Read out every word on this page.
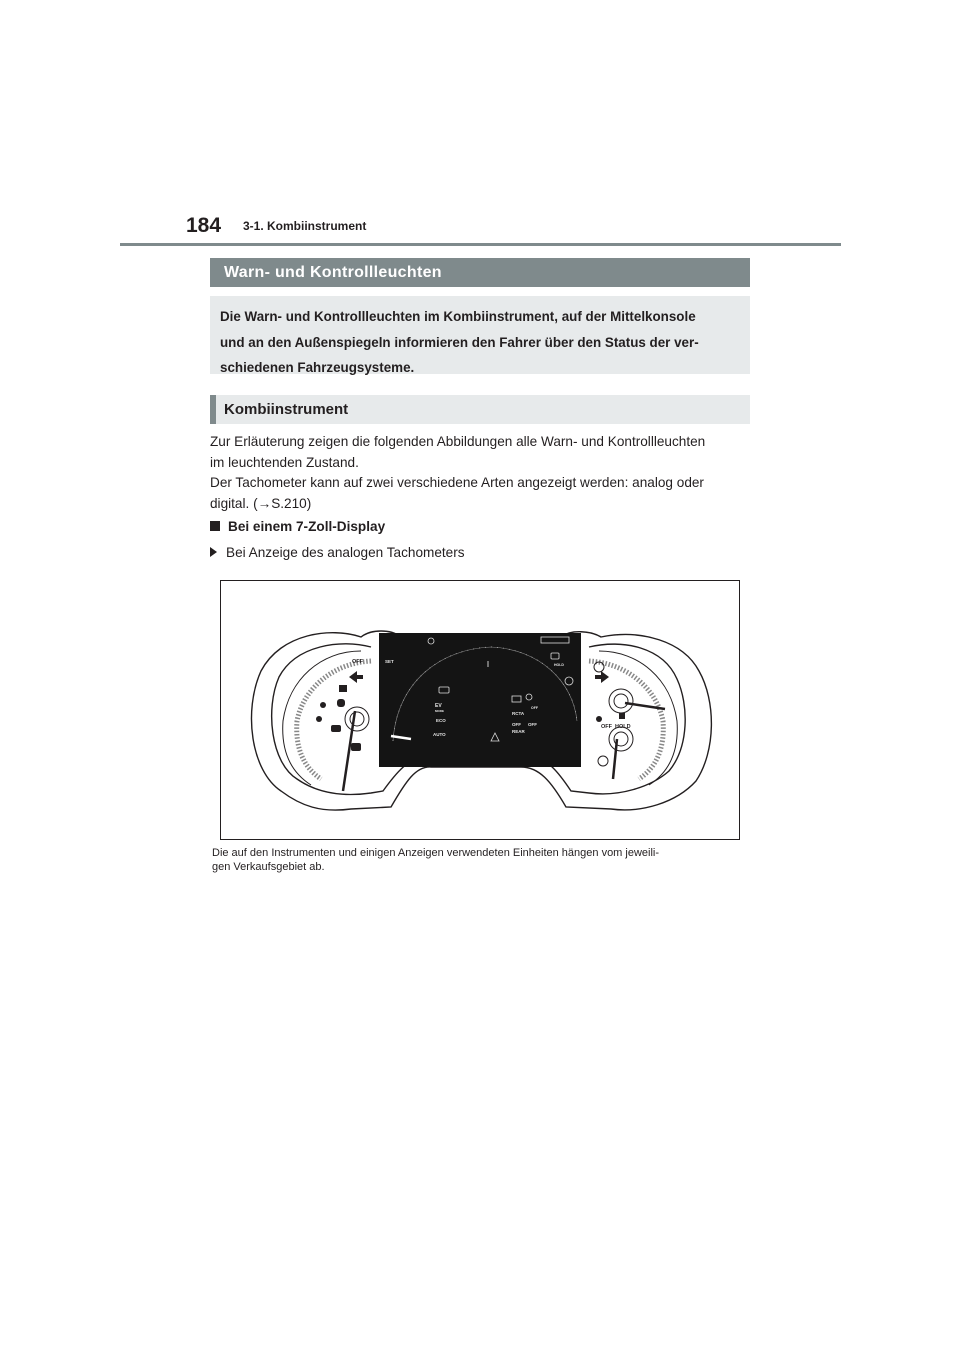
184 3-1. Kombiinstrument
Warn- und Kontrollleuchten
Die Warn- und Kontrollleuchten im Kombiinstrument, auf der Mittelkonsole
und an den Außenspiegeln informieren den Fahrer über den Status der ver-
schiedenen Fahrzeugsysteme.
Kombiinstrument
Zur Erläuterung zeigen die folgenden Abbildungen alle Warn- und Kontrollleuchten
im leuchtenden Zustand.
Der Tachometer kann auf zwei verschiedene Arten angezeigt werden: analog oder
digital. (→S.210)
Bei einem 7-Zoll-Display
Bei Anzeige des analogen Tachometers
SET
EV
MODE
ECO
AUTO
HOLD
RCTA
OFF
OFF OFF
REAR
OFF
HOLD
OFF
Die auf den Instrumenten und einigen Anzeigen verwendeten Einheiten hängen vom jeweili-
gen Verkaufsgebiet ab.
